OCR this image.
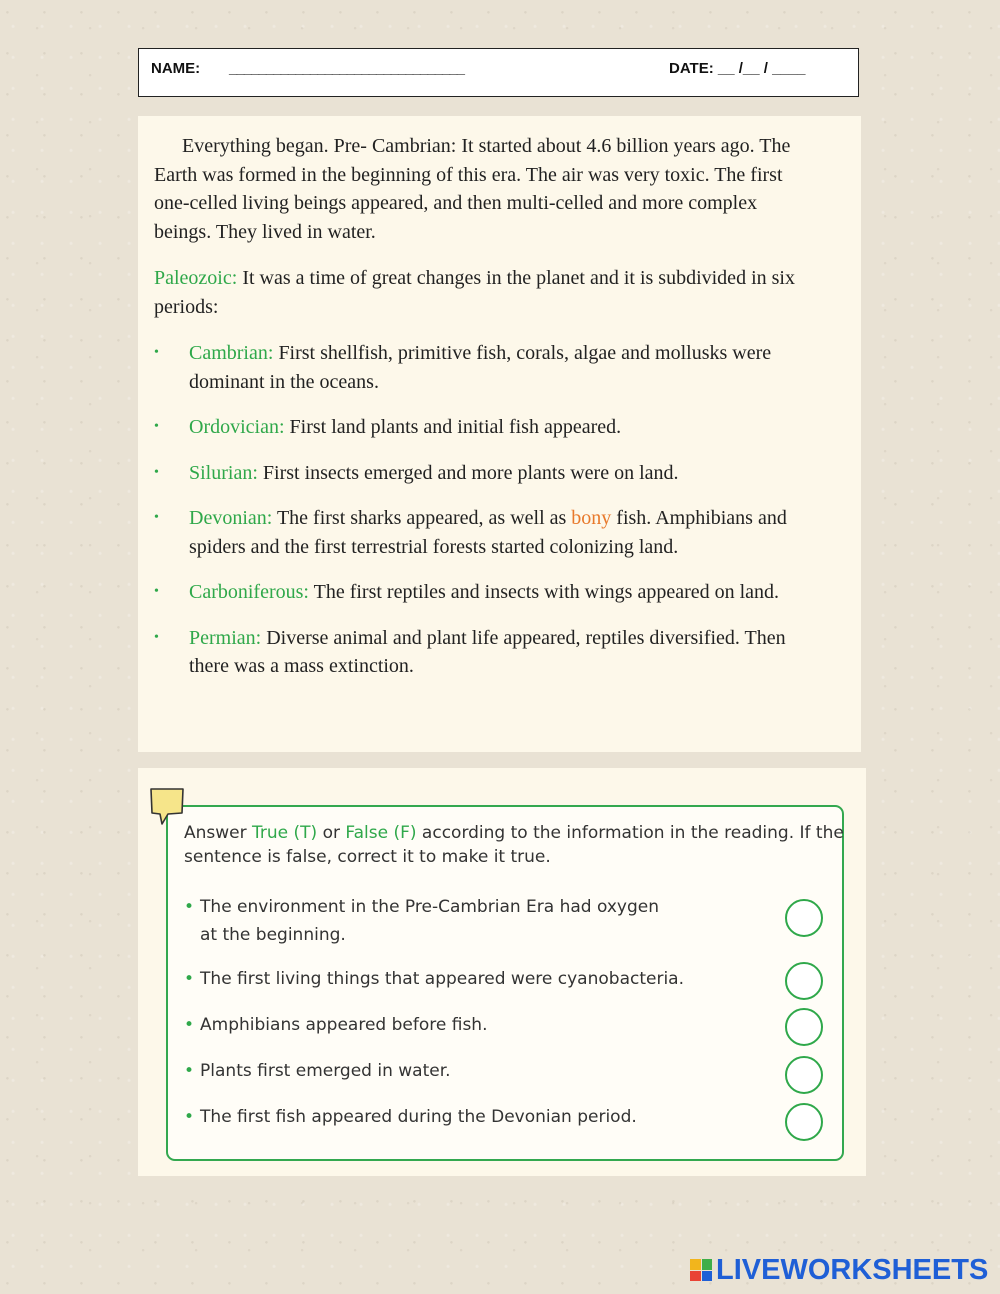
NAME: ________________________________	DATE: __ /__ / ____

Everything began. Pre- Cambrian: It started about 4.6 billion years ago. The Earth was formed in the beginning of this era. The air was very toxic. The first one-celled living beings appeared, and then multi-celled and more complex beings. They lived in water.

Paleozoic: It was a time of great changes in the planet and it is subdivided in six periods:

• Cambrian: First shellfish, primitive fish, corals, algae and mollusks were dominant in the oceans.
• Ordovician: First land plants and initial fish appeared.
• Silurian: First insects emerged and more plants were on land.
• Devonian: The first sharks appeared, as well as bony fish. Amphibians and spiders and the first terrestrial forests started colonizing land.
• Carboniferous: The first reptiles and insects with wings appeared on land.
• Permian: Diverse animal and plant life appeared, reptiles diversified. Then there was a mass extinction.
Answer True (T) or False (F) according to the information in the reading. If the sentence is false, correct it to make it true.
• The environment in the Pre-Cambrian Era had oxygen
at the beginning.
• The first living things that appeared were cyanobacteria.
• Amphibians appeared before fish.
• Plants first emerged in water.
• The first fish appeared during the Devonian period.
LIVEWORKSHEETS
